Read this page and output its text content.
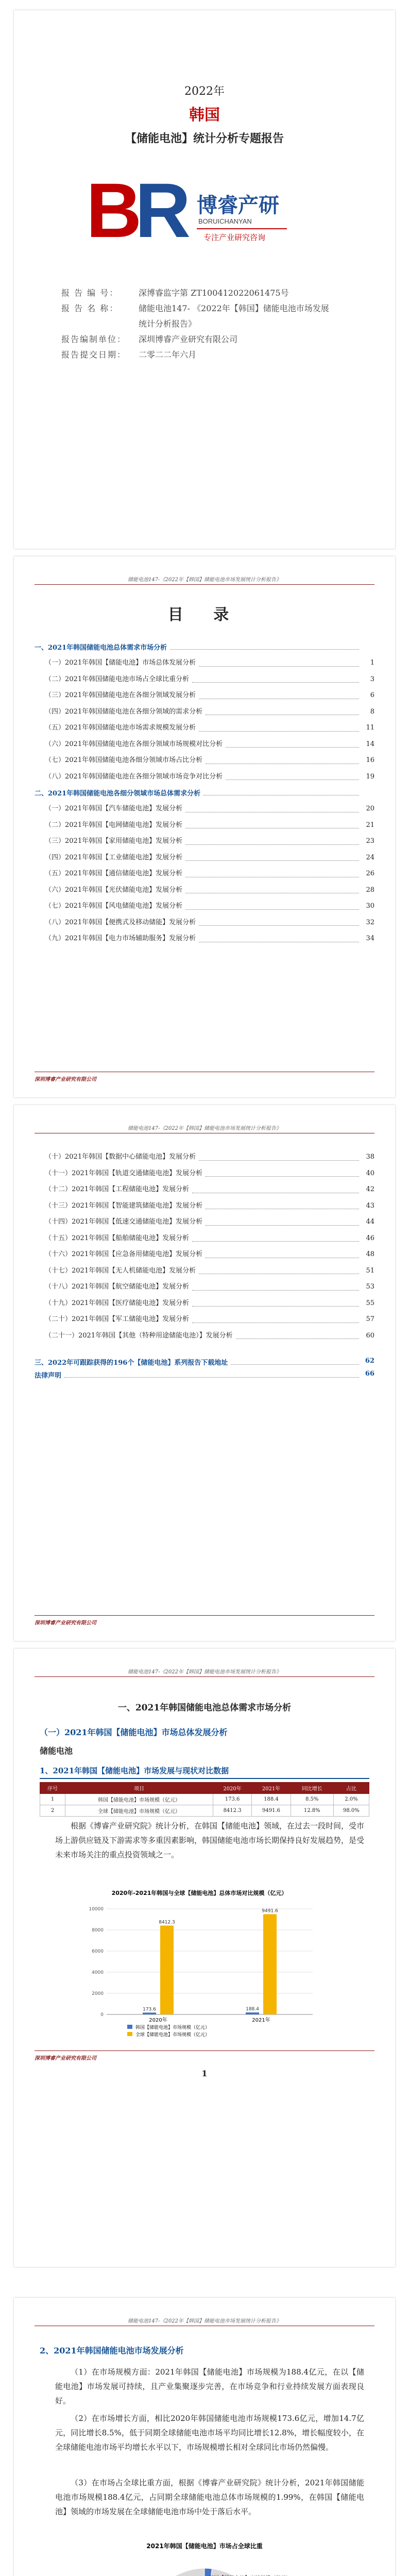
2022年
韩国
【储能电池】统计分析专题报告
B
R 博睿产研
BORUICHANYAN
专注产业研究咨询
报 告 编 号：	深博睿监字第 ZT100412022061475号
报 告 名 称：	储能电池147- 《2022年【韩国】储能电池市场发展统计分析报告》
报告编制单位：	深圳博睿产业研究有限公司
报告提交日期：	二零二二年六月
储能电池147-《2022年【韩国】储能电池市场发展统计分析报告》
目 录
一、2021年韩国储能电池总体需求市场分析
（一）2021年韩国【储能电池】市场总体发展分析	1
（二）2021年韩国储能电池市场占全球比重分析	3
（三）2021年韩国储能电池在各细分领域发展分析	6
（四）2021年韩国储能电池在各细分领域的需求分析	8
（五）2021年韩国储能电池市场需求规模发展分析	11
（六）2021年韩国储能电池在各细分领域市场规模对比分析	14
（七）2021年韩国储能电池各细分领域市场占比分析	16
（八）2021年韩国储能电池在各细分领域市场竞争对比分析	19
二、2021年韩国储能电池各细分领域市场总体需求分析
（一）2021年韩国【汽车储能电池】发展分析	20
（二）2021年韩国【电网储能电池】发展分析	21
（三）2021年韩国【家用储能电池】发展分析	23
（四）2021年韩国【工业储能电池】发展分析	24
（五）2021年韩国【通信储能电池】发展分析	26
（六）2021年韩国【光伏储能电池】发展分析	28
（七）2021年韩国【风电储能电池】发展分析	30
（八）2021年韩国【便携式及移动储能】发展分析	32
（九）2021年韩国【电力市场辅助服务】发展分析	34
深圳博睿产业研究有限公司
储能电池147-《2022年【韩国】储能电池市场发展统计分析报告》
（十）2021年韩国【数据中心储能电池】发展分析	38
（十一）2021年韩国【轨道交通储能电池】发展分析	40
（十二）2021年韩国【工程储能电池】发展分析	42
（十三）2021年韩国【智能建筑储能电池】发展分析	43
（十四）2021年韩国【低速交通储能电池】发展分析	44
（十五）2021年韩国【船舶储能电池】发展分析	46
（十六）2021年韩国【应急备用储能电池】发展分析	48
（十七）2021年韩国【无人机储能电池】发展分析	51
（十八）2021年韩国【航空储能电池】发展分析	53
（十九）2021年韩国【医疗储能电池】发展分析	55
（二十）2021年韩国【军工储能电池】发展分析	57
（二十一）2021年韩国【其他（特种用途储能电池）】发展分析	60
三、2022年可跟踪获得的196个【储能电池】系列报告下载地址	62
法律声明	66
深圳博睿产业研究有限公司
储能电池147-《2022年【韩国】储能电池市场发展统计分析报告》
一、2021年韩国储能电池总体需求市场分析
（一）2021年韩国【储能电池】市场总体发展分析
储能电池
1、2021年韩国【储能电池】市场发展与现状对比数据
序号	项目	2020年	2021年	同比增长	占比
1	韩国【储能电池】市场规模（亿元）	173.6	188.4	8.5%	2.0%
2	全球【储能电池】市场规模（亿元）	8412.3	9491.6	12.8%	98.0%
根据《博睿产业研究院》统计分析，在韩国【储能电池】领域，在过去一段时间，受市场上游供应链及下游需求等多重因素影响，韩国储能电池市场长期保持良好发展趋势，是受未来市场关注的重点投资领域之一。
2020年-2021年韩国与全球【储能电池】总体市场对比规模（亿元）
0
2000
4000
6000
8000
10000
173.6
8412.3
2020年
188.4
9491.6
2021年
韩国【储能电池】市场规模（亿元）
全球【储能电池】市场规模（亿元）
1
深圳博睿产业研究有限公司
储能电池147-《2022年【韩国】储能电池市场发展统计分析报告》
2、2021年韩国储能电池市场发展分析
（1）在市场规模方面：2021年韩国【储能电池】市场规模为188.4亿元，在以【储能电池】市场发展可持续，且产业集聚逐步完善，在市场竞争和行业持续发展方面表现良好。
（2）在市场增长方面，相比2020年韩国储能电池市场规模173.6亿元，增加14.7亿元，同比增长8.5%，低于同期全球储能电池市场平均同比增长12.8%，增长幅度较小，在全球储能电池市场平均增长水平以下，市场规模增长相对全球同比市场仍然偏慢。
（3）在市场占全球比重方面，根据《博睿产业研究院》统计分析，2021年韩国储能电池市场规模188.4亿元，占同期全球储能电池总体市场规模的1.99%，在韩国【储能电池】领域的市场发展在全球储能电池市场中处于落后水平。
2021年韩国【储能电池】市场占全球比重
